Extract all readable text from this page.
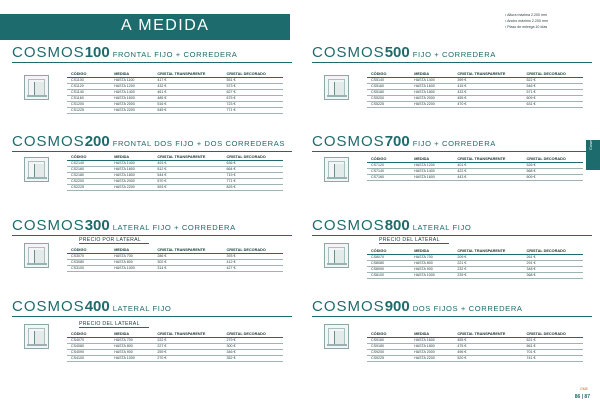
A MEDIDA
• Altura máxima 2.200 mm
• Ancho máximo 2.200 mm
• Plazo de entrega 10 días
Cosmos
COSMOS100 FRONTAL FIJO + CORREDERA
CÓDIGO	MEDIDA	CRISTAL TRANSPARENTE	CRISTAL DECORADO
CS1100	HASTA 1100	417 €	551 €
CS1120	HASTA 1200	432 €	573 €
CS1140	HASTA 1400	461 €	627 €
CS1160	HASTA 1600	485 €	675 €
CS1200	HASTA 2000	516 €	723 €
CS1225	HASTA 2200	545 €	771 €
COSMOS500 FIJO + CORREDERA
CÓDIGO	MEDIDA	CRISTAL TRANSPARENTE	CRISTAL DECORADO
CS5140	HASTA 1400	399 €	522 €
CS5160	HASTA 1600	415 €	546 €
CS5180	HASTA 1800	433 €	571 €
CS5200	HASTA 2000	455 €	609 €
CS5225	HASTA 2200	470 €	631 €
COSMOS200 FRONTAL DOS FIJO + DOS CORREDERAS
CÓDIGO	MEDIDA	CRISTAL TRANSPARENTE	CRISTAL DECORADO
CS2140	HASTA 1400	493 €	636 €
CS2160	HASTA 1600	512 €	664 €
CS2180	HASTA 1800	544 €	719 €
CS2200	HASTA 2000	570 €	771 €
CS2225	HASTA 2200	593 €	825 €
COSMOS700 FIJO + CORREDERA
CÓDIGO	MEDIDA	CRISTAL TRANSPARENTE	CRISTAL DECORADO
CS7120	HASTA 1200	401 €	526 €
CS7140	HASTA 1400	422 €	568 €
CS7160	HASTA 1600	443 €	609 €
COSMOS300 LATERAL FIJO + CORREDERA
PRECIO POR LATERAL
CÓDIGO	MEDIDA	CRISTAL TRANSPARENTE	CRISTAL DECORADO
CS3070	HASTA 700	286 €	393 €
CS3080	HASTA 800	302 €	412 €
CS3100	HASTA 1000	314 €	427 €
COSMOS800 LATERAL FIJO
PRECIO DEL LATERAL
CÓDIGO	MEDIDA	CRISTAL TRANSPARENTE	CRISTAL DECORADO
CS8070	HASTA 700	209 €	261 €
CS8080	HASTA 800	221 €	291 €
CS8090	HASTA 900	232 €	348 €
CS8100	HASTA 1000	239 €	368 €
COSMOS400 LATERAL FIJO
PRECIO DEL LATERAL
CÓDIGO	MEDIDA	CRISTAL TRANSPARENTE	CRISTAL DECORADO
CS4070	HASTA 700	222 €	279 €
CS4080	HASTA 800	227 €	300 €
CS4090	HASTA 900	259 €	346 €
CS4100	HASTA 1000	270 €	352 €
COSMOS900 DOS FIJOS + CORREDERA
CÓDIGO	MEDIDA	CRISTAL TRANSPARENTE	CRISTAL DECORADO
CS9160	HASTA 1600	455 €	621 €
CS9180	HASTA 1800	475 €	661 €
CS9200	HASTA 2000	496 €	701 €
CS9225	HASTA 2200	520 €	741 €
GME
86 | 87
